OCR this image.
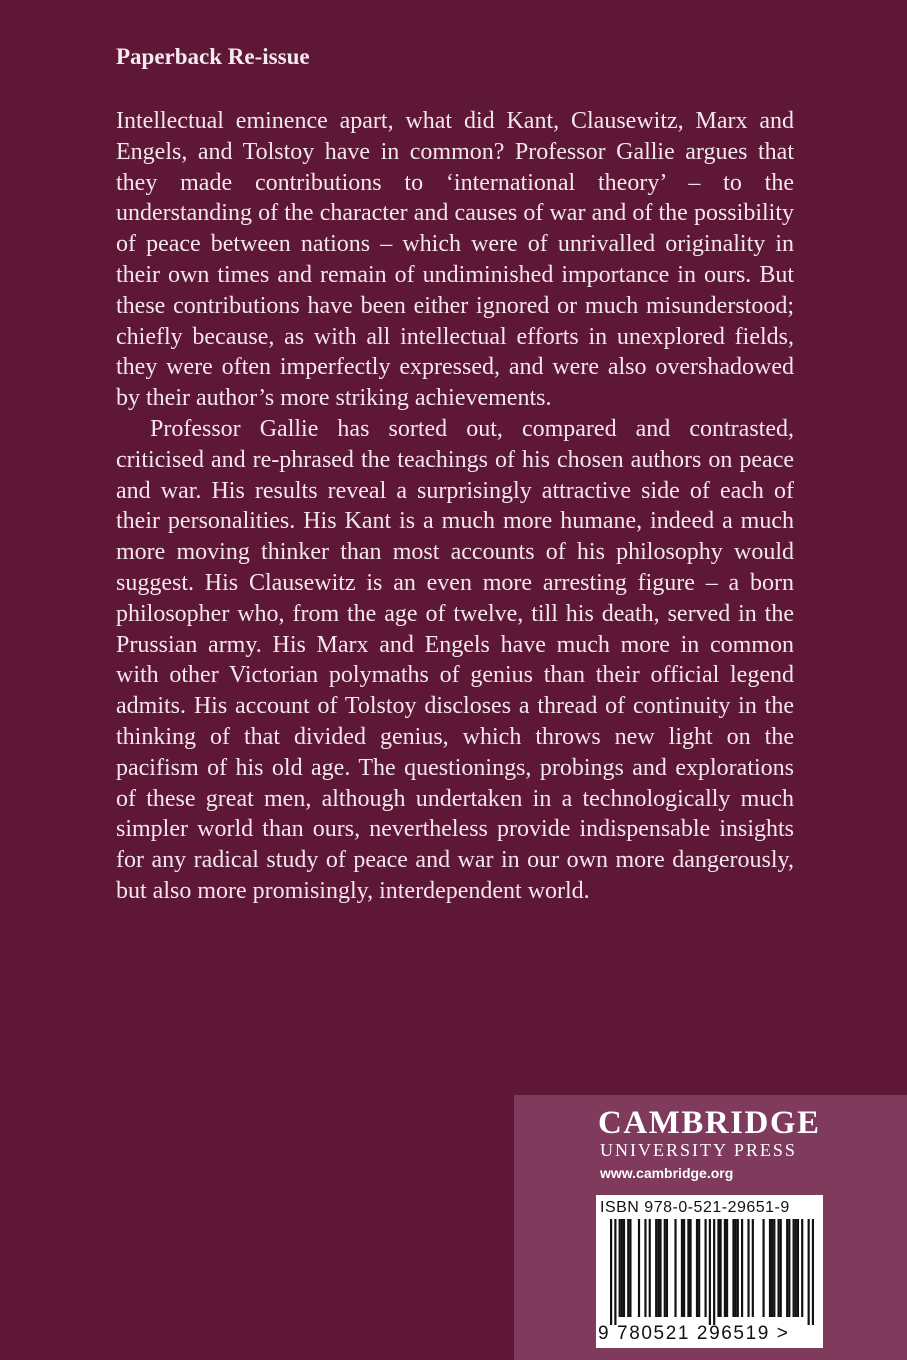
Paperback Re-issue

Intellectual eminence apart, what did Kant, Clausewitz, Marx and Engels, and Tolstoy have in common? Professor Gallie argues that they made contributions to ‘international theory’ – to the understanding of the character and causes of war and of the possibility of peace between nations – which were of unrivalled originality in their own times and remain of undiminished importance in ours. But these contributions have been either ignored or much misunderstood; chiefly because, as with all intellectual efforts in unexplored fields, they were often imperfectly expressed, and were also overshadowed by their author’s more striking achievements.

Professor Gallie has sorted out, compared and contrasted, criticised and re-phrased the teachings of his chosen authors on peace and war. His results reveal a surprisingly attractive side of each of their personalities. His Kant is a much more humane, indeed a much more moving thinker than most accounts of his philosophy would suggest. His Clausewitz is an even more arresting figure – a born philosopher who, from the age of twelve, till his death, served in the Prussian army. His Marx and Engels have much more in common with other Victorian polymaths of genius than their official legend admits. His account of Tolstoy discloses a thread of continuity in the thinking of that divided genius, which throws new light on the pacifism of his old age. The questionings, probings and explorations of these great men, although undertaken in a technologically much simpler world than ours, nevertheless provide indispensable insights for any radical study of peace and war in our own more dangerously, but also more promisingly, interdependent world.

CAMBRIDGE
UNIVERSITY PRESS
www.cambridge.org
ISBN 978-0-521-29651-9
9 780521 296519 >
